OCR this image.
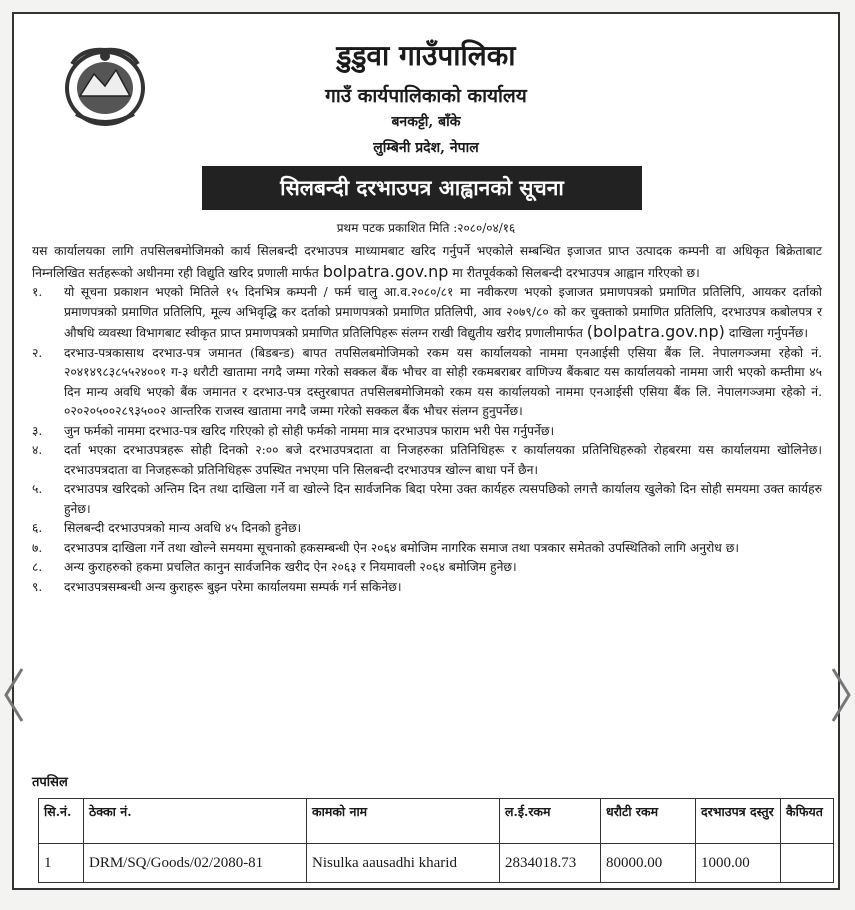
डुडुवा गाउँपालिका
गाउँ कार्यपालिकाको कार्यालय
बनकट्टी, बाँके
लुम्बिनी प्रदेश, नेपाल
सिलबन्दी दरभाउपत्र आह्वानको सूचना
प्रथम पटक प्रकाशित मिति :२०८०/०४/१६

यस कार्यालयका लागि तपसिलबमोजिमको कार्य सिलबन्दी दरभाउपत्र माध्यामबाट खरिद गर्नुपर्ने भएकोले सम्बन्धित इजाजत प्राप्त उत्पादक कम्पनी वा अधिकृत बिक्रेताबाट निम्नलिखित सर्तहरूको अधीनमा रही विद्युति खरिद प्रणाली मार्फत bolpatra.gov.np मा रीतपूर्वकको सिलबन्दी दरभाउपत्र आह्वान गरिएको छ।

१.	यो सूचना प्रकाशन भएको मितिले १५ दिनभित्र कम्पनी / फर्म चालु आ.व.२०८०/८१ मा नवीकरण भएको इजाजत प्रमाणपत्रको प्रमाणित प्रतिलिपि, आयकर दर्ताको प्रमाणपत्रको प्रमाणित प्रतिलिपि, मूल्य अभिवृद्धि कर दर्ताको प्रमाणपत्रको प्रमाणित प्रतिलिपी, आव २०७९/८० को कर चुक्ताको प्रमाणित प्रतिलिपि, दरभाउपत्र कबोलपत्र र औषधि व्यवस्था विभागबाट स्वीकृत प्राप्त प्रमाणपत्रको प्रमाणित प्रतिलिपिहरू संलग्न राखी विद्युतीय खरीद प्रणालीमार्फत (bolpatra.gov.np) दाखिला गर्नुपर्नेछ।
२.	दरभाउ-पत्रकासाथ दरभाउ-पत्र जमानत (बिडबन्ड) बापत तपसिलबमोजिमको रकम यस कार्यालयको नाममा एनआईसी एसिया बैंक लि. नेपालगञ्जमा रहेको नं. २०४१४९८३८५५२४००१ ग-३ धरौटी खातामा नगदै जम्मा गरेको सक्कल बैंक भौचर वा सोही रकमबराबर वाणिज्य बैंकबाट यस कार्यालयको नाममा जारी भएको कम्तीमा ४५ दिन मान्य अवधि भएको बैंक जमानत र दरभाउ-पत्र दस्तुरबापत तपसिलबमोजिमको रकम यस कार्यालयको नाममा एनआईसी एसिया बैंक लि. नेपालगञ्जमा रहेको नं. ०२०२०५००२८९३५००२ आन्तरिक राजस्व खातामा नगदै जम्मा गरेको सक्कल बैंक भौचर संलग्न हुनुपर्नेछ।
३.	जुन फर्मको नाममा दरभाउ-पत्र खरिद गरिएको हो सोही फर्मको नाममा मात्र दरभाउपत्र फाराम भरी पेस गर्नुपर्नेछ।
४.	दर्ता भएका दरभाउपत्रहरू सोही दिनको २:०० बजे दरभाउपत्रदाता वा निजहरुका प्रतिनिधिहरू र कार्यालयका प्रतिनिधिहरुको रोहबरमा यस कार्यालयमा खोलिनेछ। दरभाउपत्रदाता वा निजहरूको प्रतिनिधिहरू उपस्थित नभएमा पनि सिलबन्दी दरभाउपत्र खोल्न बाधा पर्ने छैन।
५.	दरभाउपत्र खरिदको अन्तिम दिन तथा दाखिला गर्ने वा खोल्ने दिन सार्वजनिक बिदा परेमा उक्त कार्यहरु त्यसपछिको लगत्तै कार्यालय खुलेको दिन सोही समयमा उक्त कार्यहरु हुनेछ।
६.	सिलबन्दी दरभाउपत्रको मान्य अवधि ४५ दिनको हुनेछ।
७.	दरभाउपत्र दाखिला गर्ने तथा खोल्ने समयमा सूचनाको हकसम्बन्धी ऐन २०६४ बमोजिम नागरिक समाज तथा पत्रकार समेतको उपस्थितिको लागि अनुरोध छ।
८.	अन्य कुराहरुको हकमा प्रचलित कानुन सार्वजनिक खरीद ऐन २०६३ र नियमावली २०६४ बमोजिम हुनेछ।
९.	दरभाउपत्रसम्बन्धी अन्य कुराहरू बुझ्न परेमा कार्यालयमा सम्पर्क गर्न सकिनेछ।
तपसिल
सि.नं.	ठेक्का नं.	कामको नाम	ल.ई.रकम	धरौटी रकम	दरभाउपत्र दस्तुर	कैफियत
1	DRM/SQ/Goods/02/2080-81	Nisulka aausadhi kharid	2834018.73	80000.00	1000.00	
